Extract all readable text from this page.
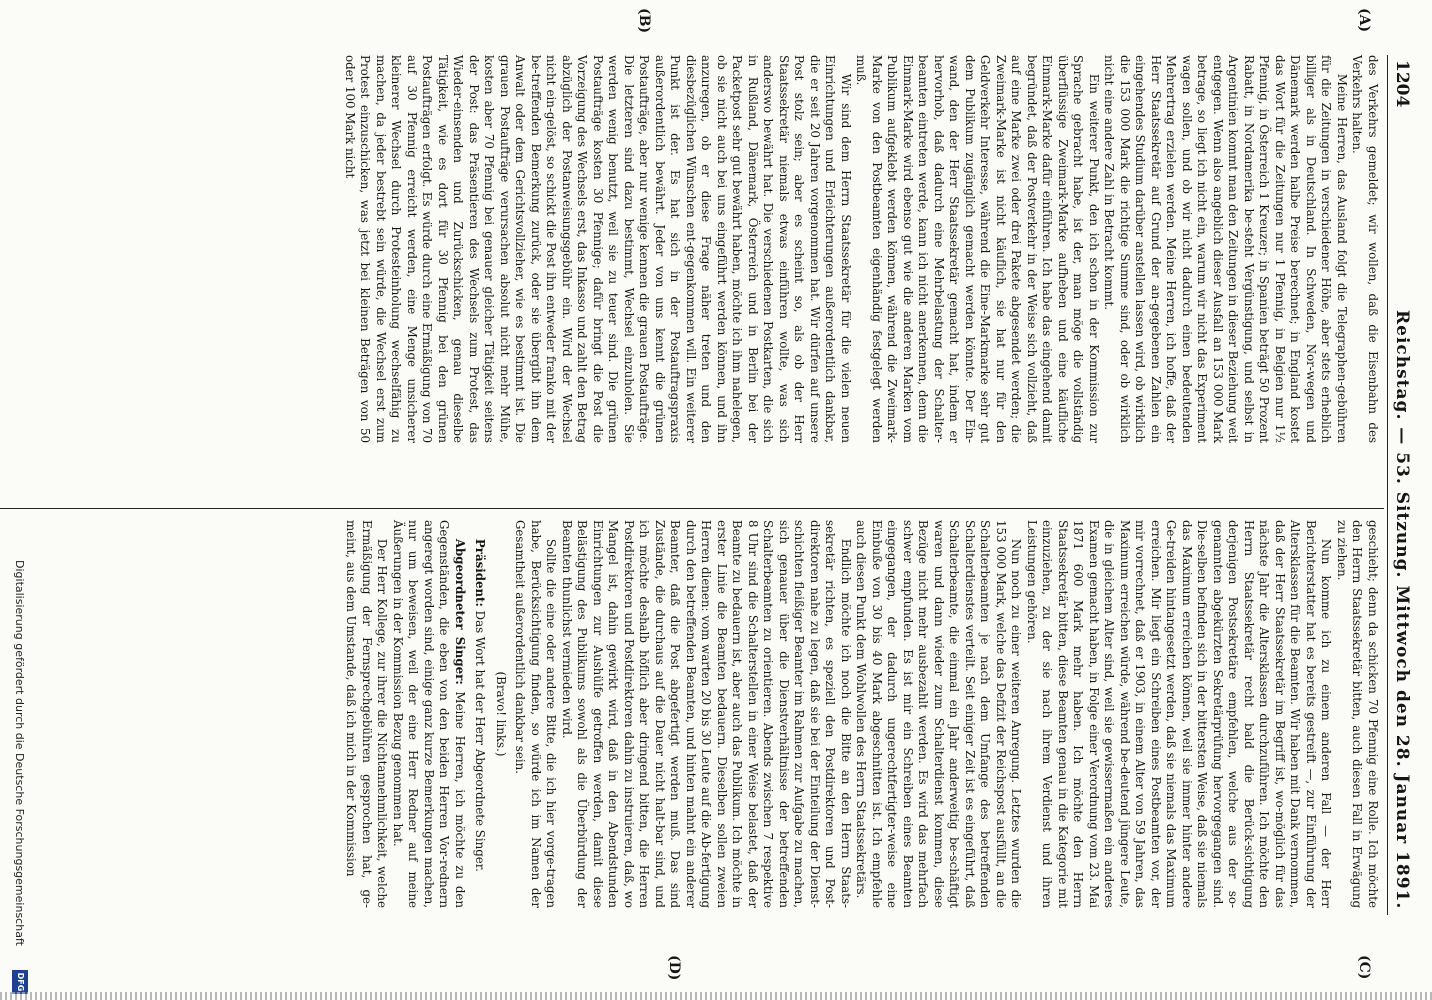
1204
Reichstag. — 53. Sitzung. Mittwoch den 28. Januar 1891.
(A)
(B)
(C)
(D)

des Verkehrs gemeldet; wir wollen, daß die Eisenbahn des Verkehrs halten.

Meine Herren, das Ausland folgt die Telegraphen-gebühren für die Zeitungen in verschiedener Höhe, aber stets erheblich billiger als in Deutschland. In Schweden, Nor-wegen und Dänemark werden halbe Preise berechnet; in England kostet das Wort für die Zeitungen nur 1 Pfennig, in Belgien nur 1½ Pfennig, in Österreich 1 Kreuzer; in Spanien beträgt 50 Prozent Rabatt, in Nordamerika be-steht Vergünstigung, und selbst in Argentinien kommt man den Zeitungen in dieser Beziehung weit entgegen. Wenn also angeblich dieser Ausfall an 153 000 Mark betrage, so liegt ich nicht ein, warum wir nicht das Experiment wagen sollen, und ob wir nicht dadurch einen bedeutenden Mehrertrag erzielen werden. Meine Herren, ich hoffe, daß der Herr Staatssekretär auf Grund der an-gegebenen Zahlen ein eingehendes Studium darüber anstellen lassen wird, ob wirklich die 153 000 Mark die richtige Summe sind, oder ob wirklich nicht eine andere Zahl in Betracht kommt.

Ein weiterer Punkt, den ich schon in der Kommission zur Sprache gebracht habe, ist der, man möge die vollständig überflüssige Zweimark-Marke aufheben und eine käufliche Einmark-Marke dafür einführen. Ich habe das eingehend damit begründet, daß der Postverkehr in der Weise sich vollzieht, daß auf eine Marke zwei oder drei Pakete abgesendet werden; die Zweimark-Marke ist nicht käuflich, sie hat nur für den Geldverkehr Interesse, während die Eine-Markmarke sehr gut dem Publikum zugänglich gemacht werden könnte. Der Ein-wand, den der Herr Staatssekretär gemacht hat, indem er hervorhob, daß dadurch eine Mehrbelastung der Schalter-beamten eintreten werde, kann ich nicht anerkennen, denn die Einmark-Marke wird ebenso gut wie die anderen Marken vom Publikum aufgeklebt werden können, während die Zweimark-Marke von den Postbeamten eigenhändig festgelegt werden muß.

Wir sind dem Herrn Staatssekretär für die vielen neuen Einrichtungen und Erleichterungen außerordentlich dankbar, die er seit 20 Jahren vorgenommen hat. Wir dürfen auf unsere Post stolz sein; aber es scheint so, als ob der Herr Staatssekretär niemals etwas einführen wollte, was sich anderswo bewährt hat. Die verschiedenen Postkarten, die sich in Rußland, Dänemark, Österreich und in Berlin bei der Packetpost sehr gut bewährt haben, möchte ich ihm nahelegen, ob sie nicht auch bei uns eingeführt werden können, und ihn anzuregen, ob er diese Frage näher treten und den diesbezüglichen Wünschen ent-gegenkommen will. Ein weiterer Punkt ist der. Es hat sich in der Postauftragspraxis außerordentlich bewährt. Jeder von uns kennt die grünen Postaufträge, aber nur wenige kennen die grauen Postaufträge. Die letzteren sind dazu bestimmt, Wechsel einzuholen. Sie werden wenig benutzt, weil sie zu teuer sind. Die grünen Postaufträge kosten 30 Pfennige; dafür bringt die Post die Vorzeigung des Wechsels erst, das Inkasso und zahlt den Betrag abzüglich der Postanweisungsgebühr ein. Wird der Wechsel nicht ein-gelöst, so schickt die Post ihn entweder franko mit der be-treffenden Bemerkung zurück, oder sie übergibt ihn dem Anwalt oder dem Gerichtsvollzieher, wie es bestimmt ist. Die grauen Postaufträge verursachen absolut nicht mehr Mühe, kosten aber 70 Pfennig bei genauer gleicher Tätigkeit seitens der Post: das Präsentieren des Wechsels zum Protest, das Wieder-einsenden und Zurückschicken, genau dieselbe Tätigkeit, wie es dort für 30 Pfennig bei den grünen Postaufträgen erfolgt. Es würde durch eine Ermäßigung von 70 auf 30 Pfennig erreicht werden, eine Menge unsicherer kleinerer Wechsel durch Protesteinholung wechselfähig zu machen, da jeder bestrebt sein würde, die Wechsel erst zum Protest einzuschicken, was jetzt bei kleinen Beträgen von 50 oder 100 Mark nicht

geschieht; denn da schicken 70 Pfennig eine Rolle. Ich möchte den Herrn Staatssekretär bitten, auch diesen Fall in Erwägung zu ziehen.

Nun komme ich zu einem anderen Fall — der Herr Berichterstatter hat es bereits gestreift —, zur Einführung der Altersklassen für die Beamten. Wir haben mit Dank vernommen, daß der Herr Staatssekretär im Begriff ist, wo-möglich für das nächste Jahr die Altersklassen durchzuführen. Ich möchte den Herrn Staatssekretär recht bald die Berück-sichtigung derjenigen Postsekretäre empfehlen, welche aus der so-genannten abgekürzten Sekretärprüfung hervorgegangen sind. Die-selben befinden sich in der bittersten Weise, daß sie niemals das Maximum erreichen können, weil sie immer hinter andere Ge-treiden hintangesetzt werden, daß sie niemals das Maximum erreichen. Mir liegt ein Schreiben eines Postbeamten vor, der mir vorrechnet, daß er 1903, in einem Alter von 59 Jahren, das Maximum erreichen würde, während be-deutend jüngere Leute, die in gleichem Alter sind, weil sie gewissermaßen ein anderes Examen gemacht haben, in Folge einer Verordnung vom 23. Mai 1871 600 Mark mehr haben. Ich möchte den Herrn Staatssekretär bitten, diese Beamten genau in die Kategorie mit einzuziehen, zu der sie nach ihrem Verdienst und ihren Leistungen gehören.

Nun noch zu einer weiteren Anregung. Letztes wurden die 153 000 Mark, welche das Defizit der Reichspost ausfüllt, an die Schalterbeamten je nach dem Umfange des betreffenden Schalterdienstes verteilt. Seit einiger Zeit ist es eingeführt, daß Schalterbeamte, die einmal ein Jahr anderweitig be-schäftigt waren und dann wieder zum Schalterdienst kommen, diese Bezüge nicht mehr ausbezahlt werden. Es wird das mehrfach schwer empfunden. Es ist mir ein Schreiben eines Beamten eingegangen, der dadurch ungerechtfertigter-weise eine Einbuße von 30 bis 40 Mark abgeschnitten ist. Ich empfehle auch diesen Punkt dem Wohlwollen des Herrn Staatssekretärs.

Endlich möchte ich noch die Bitte an den Herrn Staats-sekretär richten, es speziell den Postdirektoren und Post-direktoren nahe zu legen, daß sie bei der Einteilung der Dienst-schichten fleißiger Beamter im Rahmen zur Aufgabe zu machen, sich genauer über die Dienstverhältnisse der betreffenden Schalterbeamten zu orientieren. Abends zwischen 7 respektive 8 Uhr sind die Schalterstellen in einer Weise belastet, daß der Beamte zu bedauern ist, aber auch das Publikum. Ich möchte in erster Linie die Beamten bedauern. Dieselben sollen zweien Herren dienen: vom warten 20 bis 30 Leute auf die Ab-fertigung durch den betreffenden Beamten, und hinten mahnt ein anderer Beamter, daß die Post abgefertigt werden muß. Das sind Zustände, die durchaus auf die Dauer nicht halt-bar sind, und ich möchte deshalb höflich aber dringend bitten, die Herren Postdirektoren und Postdirektoren dahin zu instruieren, daß, wo Mangel ist, dahin gewirkt wird, daß in den Abendstunden Einrichtungen zur Aushülfe getroffen werden, damit diese Belästigung des Publikums sowohl als die Überbürdung der Beamten thunlichst vermieden wird.

Sollte die eine oder andere Bitte, die ich hier vorge-tragen habe, Berücksichtigung finden, so würde ich im Namen der Gesamtheit außerordentlich dankbar sein.

(Bravo! links.)

Präsident: Das Wort hat der Herr Abgeordnete Singer.

Abgeordneter Singer: Meine Herren, ich möchte zu den Gegenständen, die eben von den beiden Herren Vor-rednern angeregt worden sind, einige ganz kurze Bemerkungen machen, nur um beweisen, weil der eine Herr Redner auf meine Äußerungen in der Kommission Bezug genommen hat.

Der Herr Kollege, zur ihrer die Nichtannehmlichkeit, welche Ermäßigung der Fernsprechgebühren gesprochen hat, ge-meint, aus dem Umstande, daß ich mich in der Kommission

Digitalisierung gefördert durch die Deutsche Forschungsgemeinschaft
DFG
